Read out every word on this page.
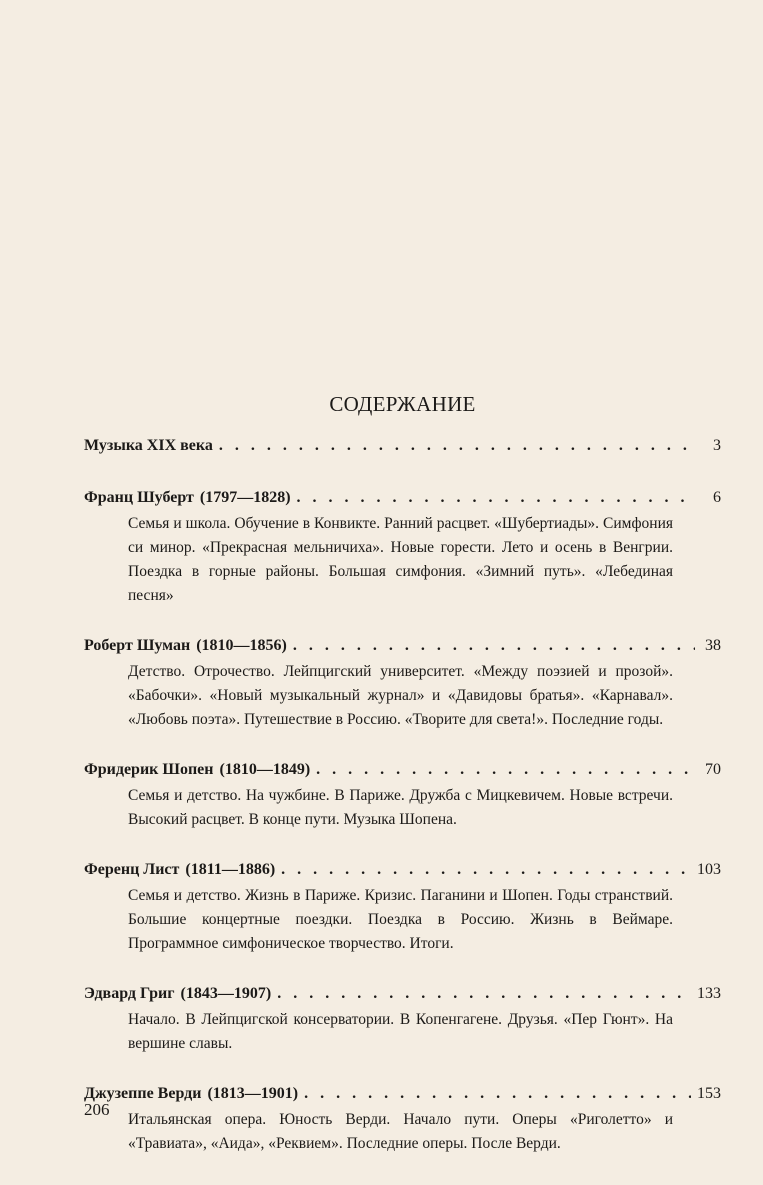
СОДЕРЖАНИЕ
Музыка XIX века . . .	3
Франц Шуберт (1797—1828) . . .	6

Семья и школа. Обучение в Конвикте. Ранний расцвет. «Шубертиады». Симфония си минор. «Прекрасная мельничиха». Новые горести. Лето и осень в Венгрии. Поездка в горные районы. Большая симфония. «Зимний путь». «Лебединая песня»

Роберт Шуман (1810—1856) . . .	38

Детство. Отрочество. Лейпцигский университет. «Между поэзией и прозой». «Бабочки». «Новый музыкальный журнал» и «Давидовы братья». «Карнавал». «Любовь поэта». Путешествие в Россию. «Творите для света!». Последние годы.

Фридерик Шопен (1810—1849) . . .	70

Семья и детство. На чужбине. В Париже. Дружба с Мицкевичем. Новые встречи. Высокий расцвет. В конце пути. Музыка Шопена.

Ференц Лист (1811—1886) . . .	103

Семья и детство. Жизнь в Париже. Кризис. Паганини и Шопен. Годы странствий. Большие концертные поездки. Поездка в Россию. Жизнь в Веймаре. Программное симфоническое творчество. Итоги.

Эдвард Григ (1843—1907) . . .	133

Начало. В Лейпцигской консерватории. В Копенгагене. Друзья. «Пер Гюнт». На вершине славы.

Джузеппе Верди (1813—1901) . . .	153

Итальянская опера. Юность Верди. Начало пути. Оперы «Риголетто» и «Травиата», «Аида», «Реквием». Последние оперы. После Верди.

206
